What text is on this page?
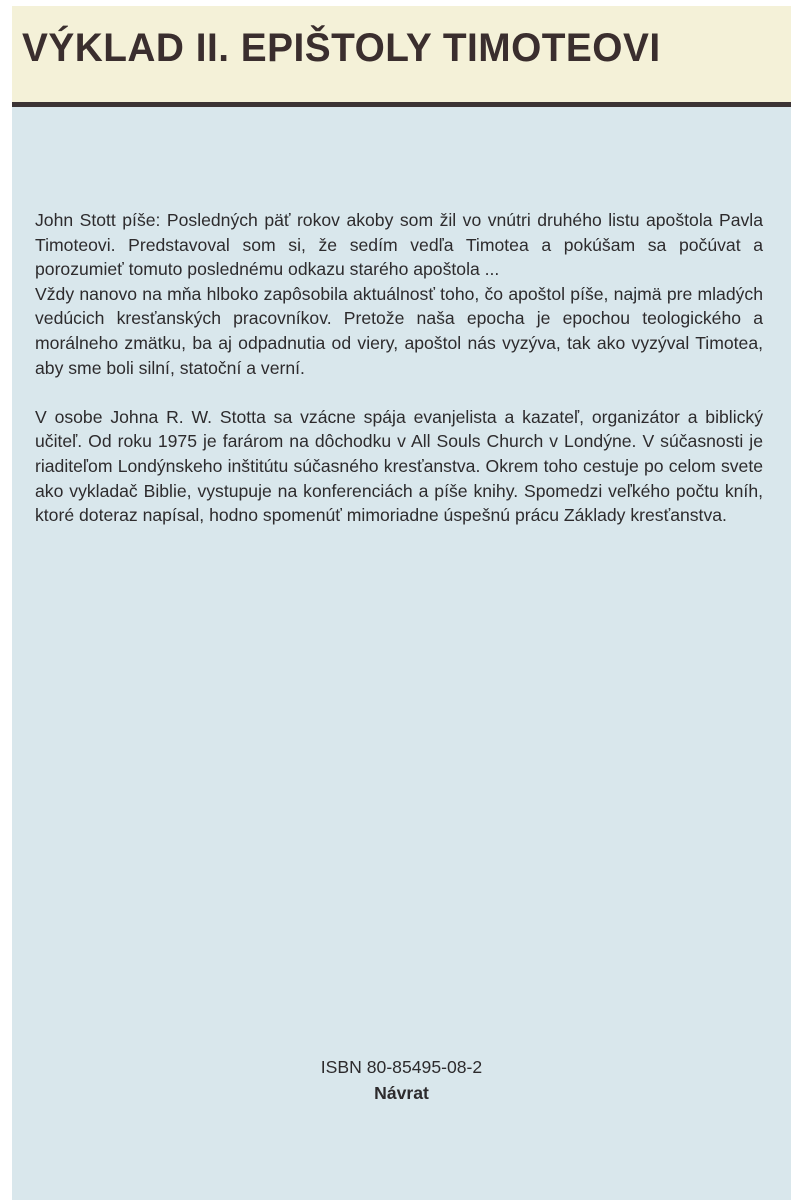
VÝKLAD II. EPIŠTOLY TIMOTEOVI

John Stott píše: Posledných päť rokov akoby som žil vo vnútri druhého listu apoštola Pavla Timoteovi. Predstavoval som si, že sedím vedľa Timotea a pokúšam sa počúvat a porozumieť tomuto poslednému odkazu starého apoštola ...

Vždy nanovo na mňa hlboko zapôsobila aktuálnosť toho, čo apoštol píše, najmä pre mladých vedúcich kresťanských pracovníkov. Pretože naša epocha je epochou teologického a morálneho zmätku, ba aj odpadnutia od viery, apoštol nás vyzýva, tak ako vyzýval Timotea, aby sme boli silní, statoční a verní.

V osobe Johna R. W. Stotta sa vzácne spája evanjelista a kazateľ, organizátor a biblický učiteľ. Od roku 1975 je farárom na dôchodku v All Souls Church v Londýne. V súčasnosti je riaditeľom Londýnskeho inštitútu súčasného kresťanstva. Okrem toho cestuje po celom svete ako vykladač Biblie, vystupuje na konferenciách a píše knihy. Spomedzi veľkého počtu kníh, ktoré doteraz napísal, hodno spomenúť mimoriadne úspešnú prácu Základy kresťanstva.

ISBN 80-85495-08-2
Návrat
